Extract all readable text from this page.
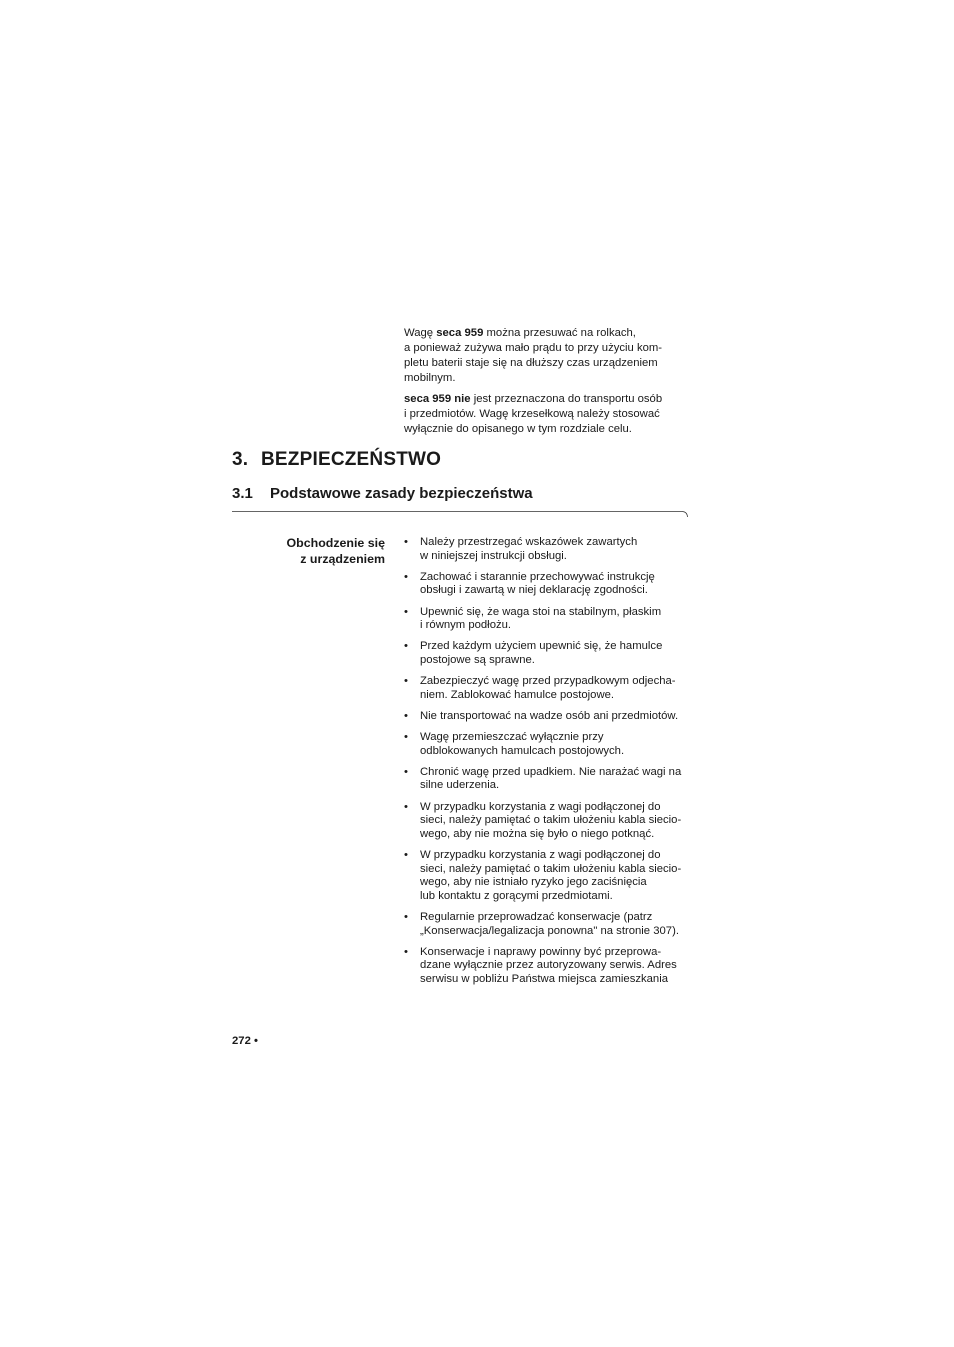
Wagę seca 959 można przesuwać na rolkach,
a ponieważ zużywa mało prądu to przy użyciu kom-
pletu baterii staje się na dłuższy czas urządzeniem
mobilnym.

seca 959 nie jest przeznaczona do transportu osób
i przedmiotów. Wagę krzesełkową należy stosować
wyłącznie do opisanego w tym rozdziale celu.

3. BEZPIECZEŃSTWO
3.1 Podstawowe zasady bezpieczeństwa
Obchodzenie się
z urządzeniem
• Należy przestrzegać wskazówek zawartych
w niniejszej instrukcji obsługi.
• Zachować i starannie przechowywać instrukcję
obsługi i zawartą w niej deklarację zgodności.
• Upewnić się, że waga stoi na stabilnym, płaskim
i równym podłożu.
• Przed każdym użyciem upewnić się, że hamulce
postojowe są sprawne.
• Zabezpieczyć wagę przed przypadkowym odjecha-
niem. Zablokować hamulce postojowe.
• Nie transportować na wadze osób ani przedmiotów.
• Wagę przemieszczać wyłącznie przy
odblokowanych hamulcach postojowych.
• Chronić wagę przed upadkiem. Nie narażać wagi na
silne uderzenia.
• W przypadku korzystania z wagi podłączonej do
sieci, należy pamiętać o takim ułożeniu kabla siecio-
wego, aby nie można się było o niego potknąć.
• W przypadku korzystania z wagi podłączonej do
sieci, należy pamiętać o takim ułożeniu kabla siecio-
wego, aby nie istniało ryzyko jego zaciśnięcia
lub kontaktu z gorącymi przedmiotami.
• Regularnie przeprowadzać konserwacje (patrz
„Konserwacja/legalizacja ponowna" na stronie 307).
• Konserwacje i naprawy powinny być przeprowa-
dzane wyłącznie przez autoryzowany serwis. Adres
serwisu w pobliżu Państwa miejsca zamieszkania
272 •
